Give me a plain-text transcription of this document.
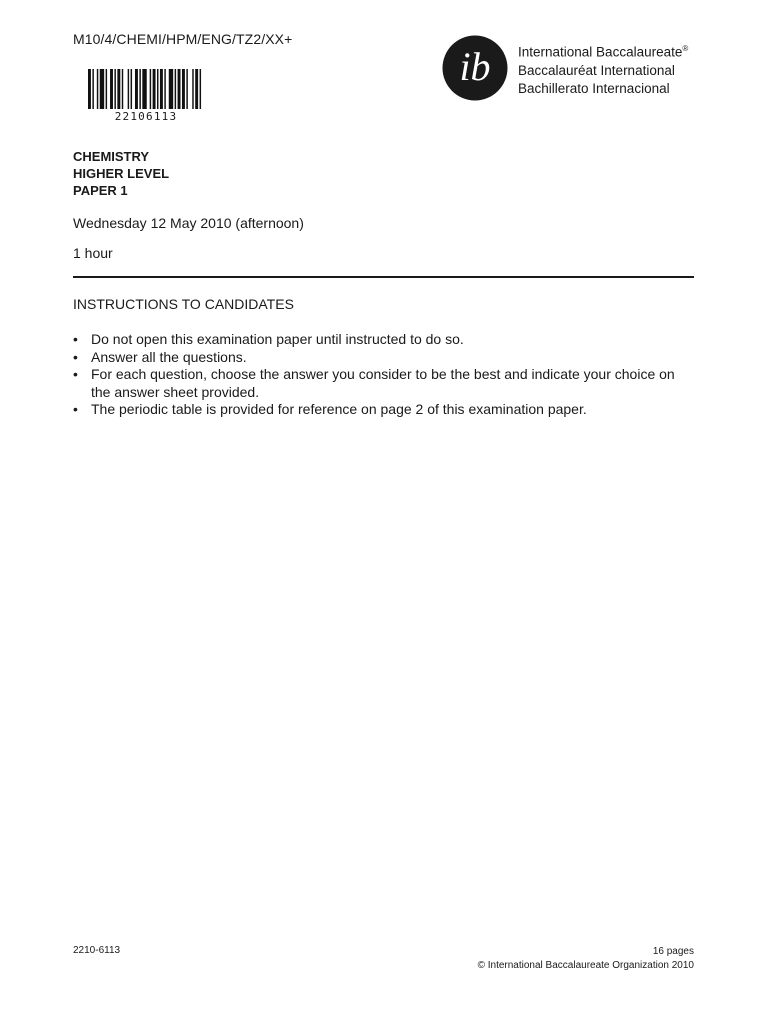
M10/4/CHEMI/HPM/ENG/TZ2/XX+
22106113
ib International Baccalaureate®
Baccalauréat International
Bachillerato Internacional
CHEMISTRY
HIGHER LEVEL
PAPER 1
Wednesday 12 May 2010 (afternoon)
1 hour
INSTRUCTIONS TO CANDIDATES
• Do not open this examination paper until instructed to do so.
• Answer all the questions.
• For each question, choose the answer you consider to be the best and indicate your choice on the answer sheet provided.
• The periodic table is provided for reference on page 2 of this examination paper.
2210-6113	16 pages
© International Baccalaureate Organization 2010
